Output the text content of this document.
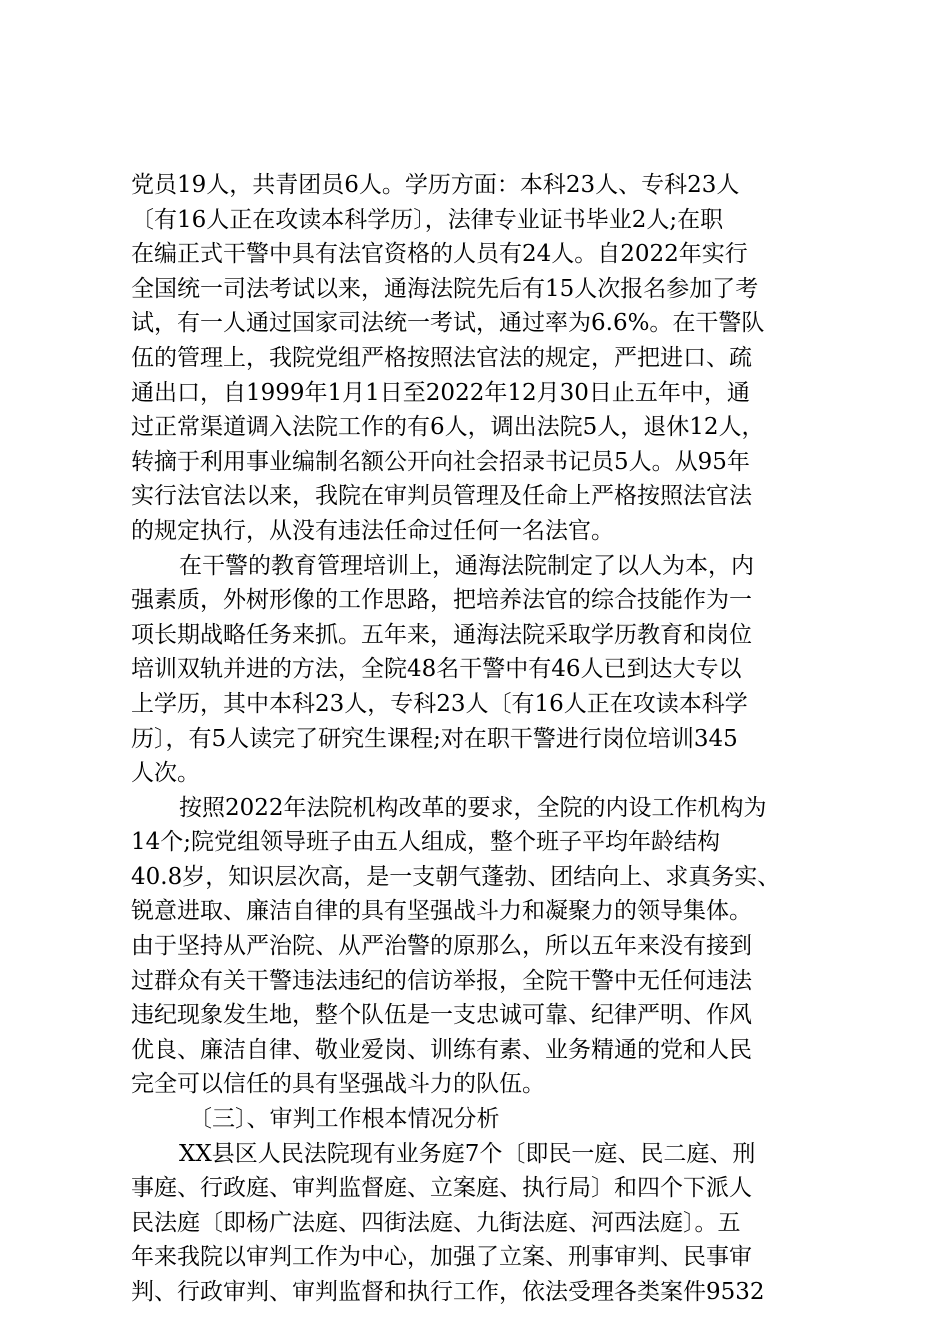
党员19人，共青团员6人。学历方面：本科23人、专科23人
〔有16人正在攻读本科学历〕，法律专业证书毕业2人;在职
在编正式干警中具有法官资格的人员有24人。自2022年实行
全国统一司法考试以来，通海法院先后有15人次报名参加了考
试，有一人通过国家司法统一考试，通过率为6.6%。在干警队
伍的管理上，我院党组严格按照法官法的规定，严把进口、疏
通出口，自1999年1月1日至2022年12月30日止五年中，通
过正常渠道调入法院工作的有6人，调出法院5人，退休12人，
转摘于利用事业编制名额公开向社会招录书记员5人。从95年
实行法官法以来，我院在审判员管理及任命上严格按照法官法
的规定执行，从没有违法任命过任何一名法官。
在干警的教育管理培训上，通海法院制定了以人为本，内
强素质，外树形像的工作思路，把培养法官的综合技能作为一
项长期战略任务来抓。五年来，通海法院采取学历教育和岗位
培训双轨并进的方法，全院48名干警中有46人已到达大专以
上学历，其中本科23人，专科23人〔有16人正在攻读本科学
历〕，有5人读完了研究生课程;对在职干警进行岗位培训345
人次。
按照2022年法院机构改革的要求，全院的内设工作机构为
14个;院党组领导班子由五人组成，整个班子平均年龄结构
40.8岁，知识层次高，是一支朝气蓬勃、团结向上、求真务实、
锐意进取、廉洁自律的具有坚强战斗力和凝聚力的领导集体。
由于坚持从严治院、从严治警的原那么，所以五年来没有接到
过群众有关干警违法违纪的信访举报，全院干警中无任何违法
违纪现象发生地，整个队伍是一支忠诚可靠、纪律严明、作风
优良、廉洁自律、敬业爱岗、训练有素、业务精通的党和人民
完全可以信任的具有坚强战斗力的队伍。
〔三〕、审判工作根本情况分析
XX县区人民法院现有业务庭7个〔即民一庭、民二庭、刑
事庭、行政庭、审判监督庭、立案庭、执行局〕和四个下派人
民法庭〔即杨广法庭、四街法庭、九街法庭、河西法庭〕。五
年来我院以审判工作为中心，加强了立案、刑事审判、民事审
判、行政审判、审判监督和执行工作，依法受理各类案件9532
